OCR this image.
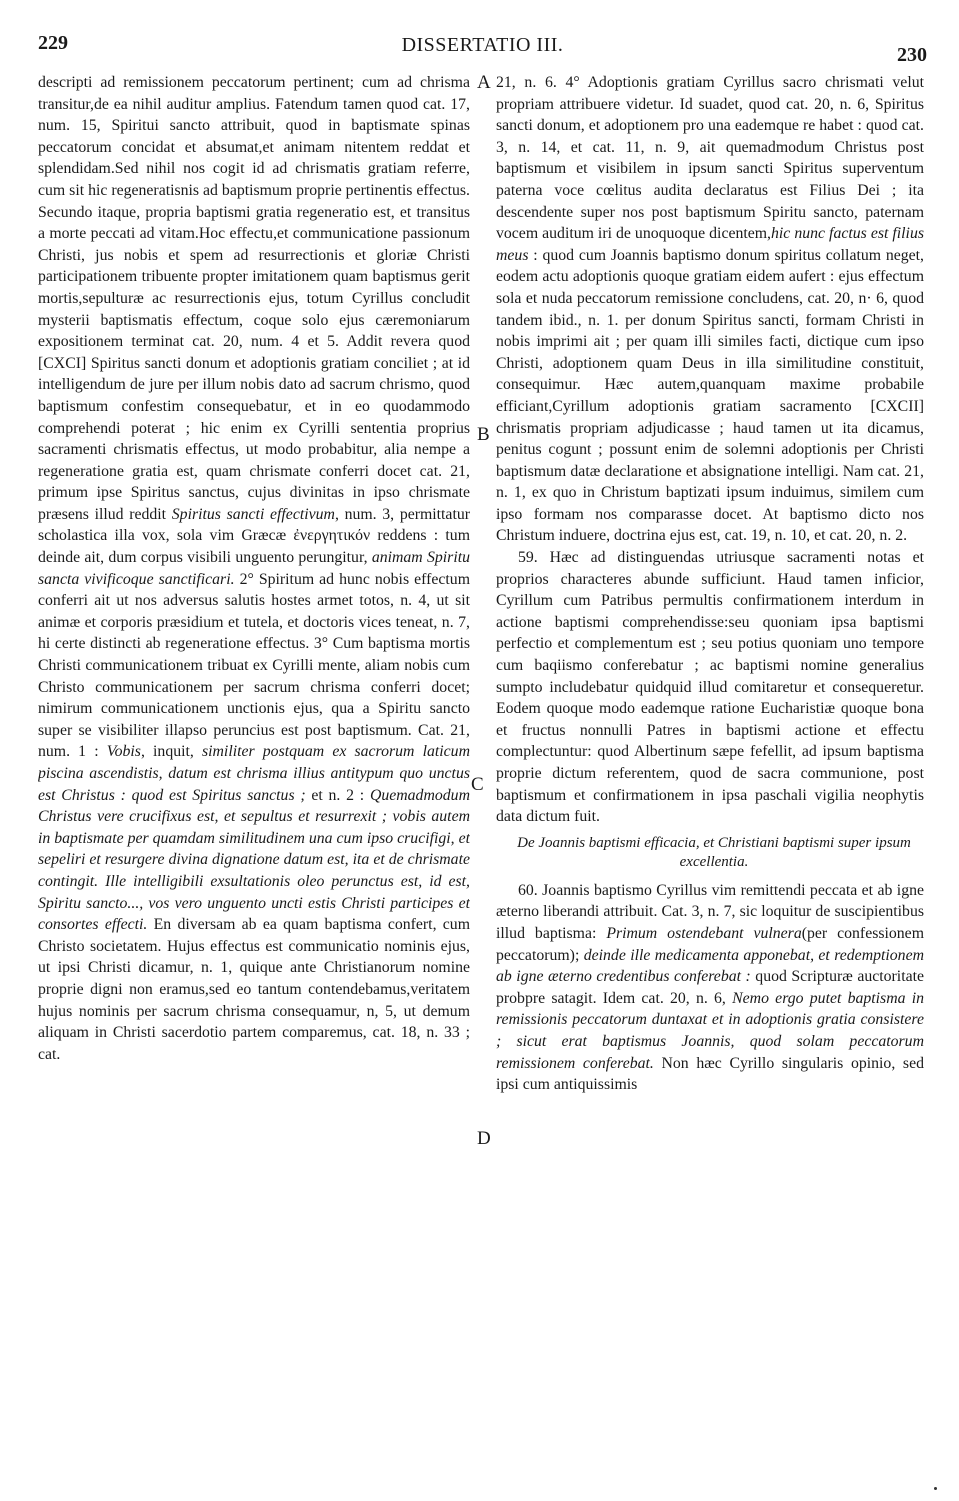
229	DISSERTATIO III.	230

descripti ad remissionem peccatorum pertinent; cum ad chrisma transitur,de ea nihil auditur amplius. Fatendum tamen quod cat. 17, num. 15, Spiritui sancto attribuit, quod in baptismate spinas peccatorum concidat et absumat,et animam nitentem reddat et splendidam.Sed nihil nos cogit id ad chrismatis gratiam referre, cum sit hic regeneratisnis ad baptismum proprie pertinentis effectus. Secundo itaque, propria baptismi gratia regeneratio est, et transitus a morte peccati ad vitam.Hoc effectu,et communicatione passionum Christi, jus nobis et spem ad resurrectionis et gloriæ Christi participationem tribuente propter imitationem quam baptismus gerit mortis,sepulturæ ac resurrectionis ejus, totum Cyrillus concludit mysterii baptismatis effectum, coque solo ejus cæremoniarum expositionem terminat cat. 20, num. 4 et 5. Addit revera quod [CXCI] Spiritus sancti donum et adoptionis gratiam conciliet ; at id intelligendum de jure per illum nobis dato ad sacrum chrismo, quod baptismum confestim consequebatur, et in eo quodammodo comprehendi poterat ; hic enim ex Cyrilli sententia proprius sacramenti chrismatis effectus, ut modo probabitur, alia nempe a regeneratione gratia est, quam chrismate conferri docet cat. 21, primum ipse Spiritus sanctus, cujus divinitas in ipso chrismate præsens illud reddit Spiritus sancti effectivum, num. 3, permittatur scholastica illa vox, sola vim Græcæ ἐνεργητικόν reddens : tum deinde ait, dum corpus visibili unguento perungitur, animam Spiritu sancta vivificoque sanctificari. 2° Spiritum ad hunc nobis effectum conferri ait ut nos adversus salutis hostes armet totos, n. 4, ut sit animæ et corporis præsidium et tutela, et doctoris vices teneat, n. 7, hi certe distincti ab regeneratione effectus. 3° Cum baptisma mortis Christi communicationem tribuat ex Cyrilli mente, aliam nobis cum Christo communicationem per sacrum chrisma conferri docet; nimirum communicationem unctionis ejus, qua a Spiritu sancto super se visibiliter illapso peruncius est post baptismum. Cat. 21, num. 1 : Vobis, inquit, similiter postquam ex sacrorum laticum piscina ascendistis, datum est chrisma illius antitypum quo unctus est Christus : quod est Spiritus sanctus ; et n. 2 : Quemadmodum Christus vere crucifixus est, et sepultus et resurrexit ; vobis autem in baptismate per quamdam similitudinem una cum ipso crucifigi, et sepeliri et resurgere divina dignatione datum est, ita et de chrismate contingit. Ille intelligibili exsultationis oleo perunctus est, id est, Spiritu sancto..., vos vero unguento uncti estis Christi participes et consortes effecti. En diversam ab ea quam baptisma confert, cum Christo societatem. Hujus effectus est communicatio nominis ejus, ut ipsi Christi dicamur, n. 1, quique ante Christianorum nomine proprie digni non eramus,sed eo tantum contendebamus,veritatem hujus nominis per sacrum chrisma consequamur, n, 5, ut demum aliquam in Christi sacerdotio partem comparemus, cat. 18, n. 33 ; cat.

A
B
C
D

21, n. 6. 4° Adoptionis gratiam Cyrillus sacro chrismati velut propriam attribuere videtur. Id suadet, quod cat. 20, n. 6, Spiritus sancti donum, et adoptionem pro una eademque re habet : quod cat. 3, n. 14, et cat. 11, n. 9, ait quemadmodum Christus post baptismum et visibilem in ipsum sancti Spiritus superventum paterna voce cœlitus audita declaratus est Filius Dei ; ita descendente super nos post baptismum Spiritu sancto, paternam vocem auditum iri de unoquoque dicentem,hic nunc factus est filius meus : quod cum Joannis baptismo donum spiritus collatum neget, eodem actu adoptionis quoque gratiam eidem aufert : ejus effectum sola et nuda peccatorum remissione concludens, cat. 20, n· 6, quod tandem ibid., n. 1. per donum Spiritus sancti, formam Christi in nobis imprimi ait ; per quam illi similes facti, dictique cum ipso Christi, adoptionem quam Deus in illa similitudine constituit, consequimur. Hæc autem,quanquam maxime probabile efficiant,Cyrillum adoptionis gratiam sacramento [CXCII] chrismatis propriam adjudicasse ; haud tamen ut ita dicamus, penitus cogunt ; possunt enim de solemni adoptionis per Christi baptismum datæ declaratione et absignatione intelligi. Nam cat. 21, n. 1, ex quo in Christum baptizati ipsum induimus, similem cum ipso formam nos comparasse docet. At baptismo dicto nos Christum induere, doctrina ejus est, cat. 19, n. 10, et cat. 20, n. 2.

59. Hæc ad distinguendas utriusque sacramenti notas et proprios characteres abunde sufficiunt. Haud tamen inficior, Cyrillum cum Patribus permultis confirmationem interdum in actione baptismi comprehendisse:seu quoniam ipsa baptismi perfectio et complementum est ; seu potius quoniam uno tempore cum baqiismo conferebatur ; ac baptismi nomine generalius sumpto includebatur quidquid illud comitaretur et consequeretur. Eodem quoque modo eademque ratione Eucharistiæ quoque bona et fructus nonnulli Patres in baptismi actione et effectu complectuntur: quod Albertinum sæpe fefellit, ad ipsum baptisma proprie dictum referentem, quod de sacra communione, post baptismum et confirmationem in ipsa paschali vigilia neophytis data dictum fuit.

De Joannis baptismi efficacia, et Christiani baptismi super ipsum excellentia.

60. Joannis baptismo Cyrillus vim remittendi peccata et ab igne æterno liberandi attribuit. Cat. 3, n. 7, sic loquitur de suscipientibus illud baptisma: Primum ostendebant vulnera(per confessionem peccatorum); deinde ille medicamenta apponebat, et redemptionem ab igne æterno credentibus conferebat : quod Scripturæ auctoritate probpre satagit. Idem cat. 20, n. 6, Nemo ergo putet baptisma in remissionis peccatorum duntaxat et in adoptionis gratia consistere ; sicut erat baptismus Joannis, quod solam peccatorum remissionem conferebat. Non hæc Cyrillo singularis opinio, sed ipsi cum antiquissimis
